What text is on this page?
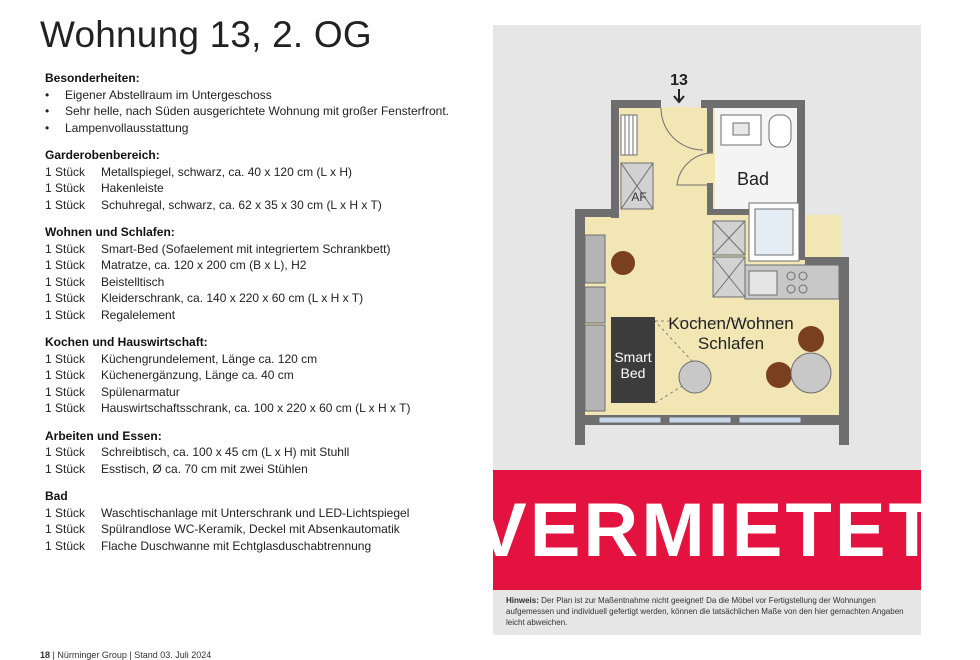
Wohnung 13, 2. OG
Besonderheiten:
•	Eigener Abstellraum im Untergeschoss
•	Sehr helle, nach Süden ausgerichtete Wohnung mit großer Fensterfront.
•	Lampenvollausstattung
Garderobenbereich:
1 Stück	Metallspiegel, schwarz, ca. 40 x 120 cm (L x H)
1 Stück	Hakenleiste
1 Stück	Schuhregal, schwarz, ca. 62 x 35 x 30 cm (L x H x T)
Wohnen und Schlafen:
1 Stück	Smart-Bed (Sofaelement mit integriertem Schrankbett)
1 Stück	Matratze, ca. 120 x 200 cm (B x L), H2
1 Stück	Beistelltisch
1 Stück	Kleiderschrank, ca. 140 x 220 x 60 cm (L x H x T)
1 Stück	Regalelement
Kochen und Hauswirtschaft:
1 Stück	Küchengrundelement, Länge ca. 120 cm
1 Stück	Küchenergänzung, Länge ca. 40 cm
1 Stück	Spülenarmatur
1 Stück	Hauswirtschaftsschrank, ca. 100 x 220 x 60 cm (L x H x T)
Arbeiten und Essen:
1 Stück	Schreibtisch, ca. 100 x 45 cm (L x H) mit Stuhll
1 Stück	Esstisch, Ø ca. 70 cm mit zwei Stühlen
Bad
1 Stück	Waschtischanlage mit Unterschrank und LED-Lichtspiegel
1 Stück	Spülrandlose WC-Keramik, Deckel mit Absenkautomatik
1 Stück	Flache Duschwanne mit Echtglasduschabtrennung
13
AF
Bad
Smart
Bed
Kochen/Wohnen
Schlafen
VERMIETET
Hinweis: Der Plan ist zur Maßentnahme nicht geeignet! Da die Möbel vor Fertigstellung der Wohnungen aufgemessen und individuell gefertigt werden, können die tatsächlichen Maße von den hier gemachten Angaben leicht abweichen.
18 | Nürminger Group | Stand 03. Juli 2024
